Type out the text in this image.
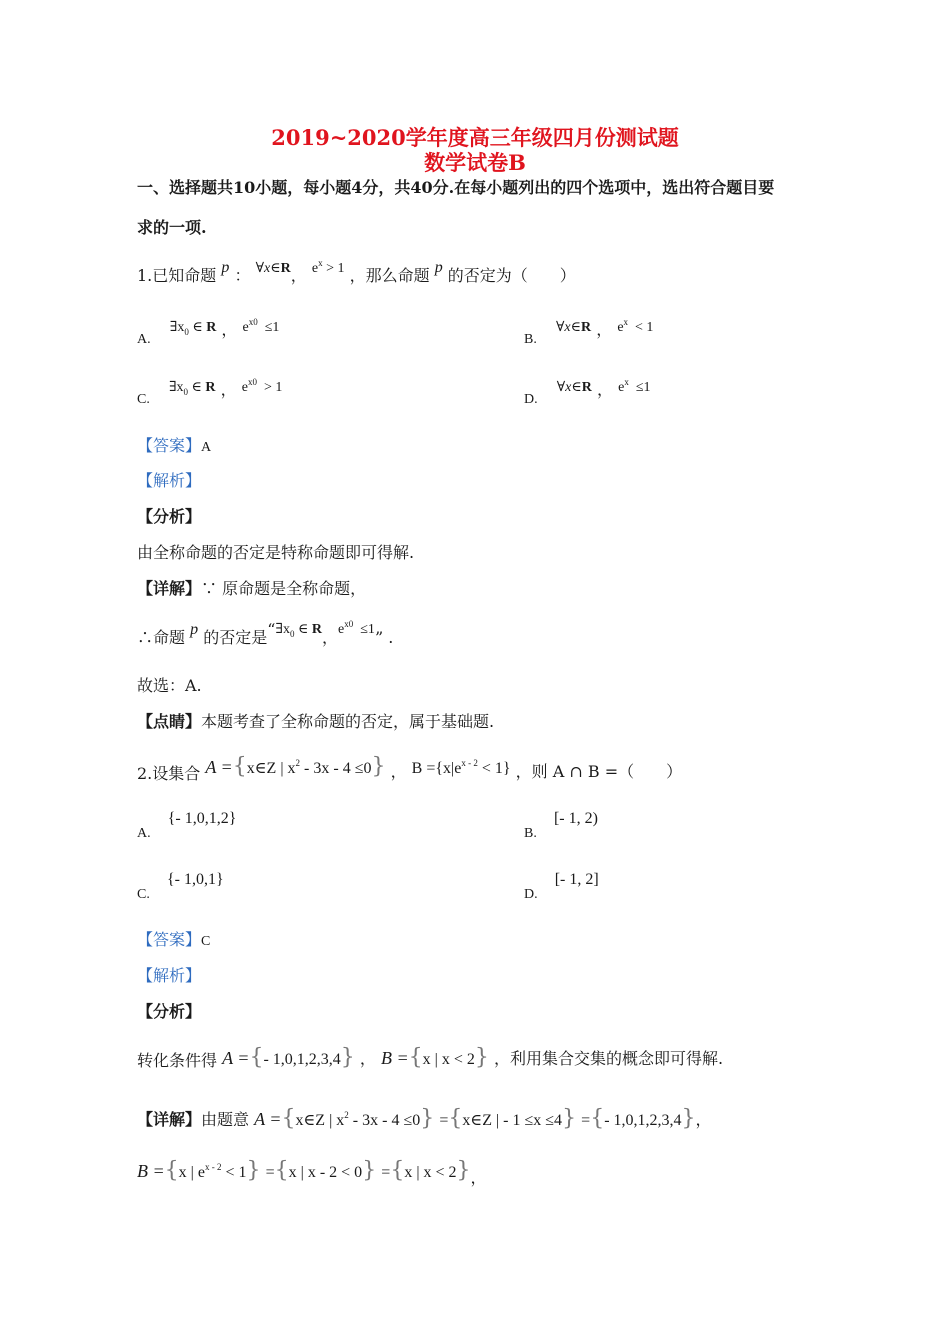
2019~2020学年度高三年级四月份测试题
数学试卷B
一、选择题共10小题，每小题4分，共40分.在每小题列出的四个选项中，选出符合题目要
求的一项.
1.已知命题 p ： ∀x∈R， $e^x > 1$ ，那么命题 p 的否定为（　　）
A. $\exists x_0$ ∈ R ， $e^{x0} \le 1$
B. ∀x∈R ， $e^x < 1$
C. $\exists x_0$ ∈ R ， $e^{x0} > 1$
D. ∀x∈R ， $e^x \le 1$
【答案】A
【解析】
【分析】
由全称命题的否定是特称命题即可得解.
【详解】∵ 原命题是全称命题，
∴命题 p 的否定是“$\exists x_0$ ∈ R，$e^{x0} \le 1$” .
故选：A.
【点睛】本题考查了全称命题的否定，属于基础题.
2.设集合 A ={x∈Z | $x^2 - 3x - 4 \le 0$} ， $B =\{x|e^{x - 2} < 1\}$ ，则 A ∩ B =（　　）
A. {- 1,0,1,2}
B. [- 1, 2)
C. {- 1,0,1}
D. [- 1, 2]
【答案】C
【解析】
【分析】
转化条件得 A ={- 1,0,1,2,3,4} ， B ={x | x < 2} ，利用集合交集的概念即可得解.
【详解】由题意 A ={x∈Z | $x^2 - 3x - 4 \le 0$} ={x∈Z | - 1 ≤x ≤4} ={- 1,0,1,2,3,4}，
B ={x | $e^{x - 2} < 1\} =\{x$ | x - 2 < 0} ={x | x < 2}，
